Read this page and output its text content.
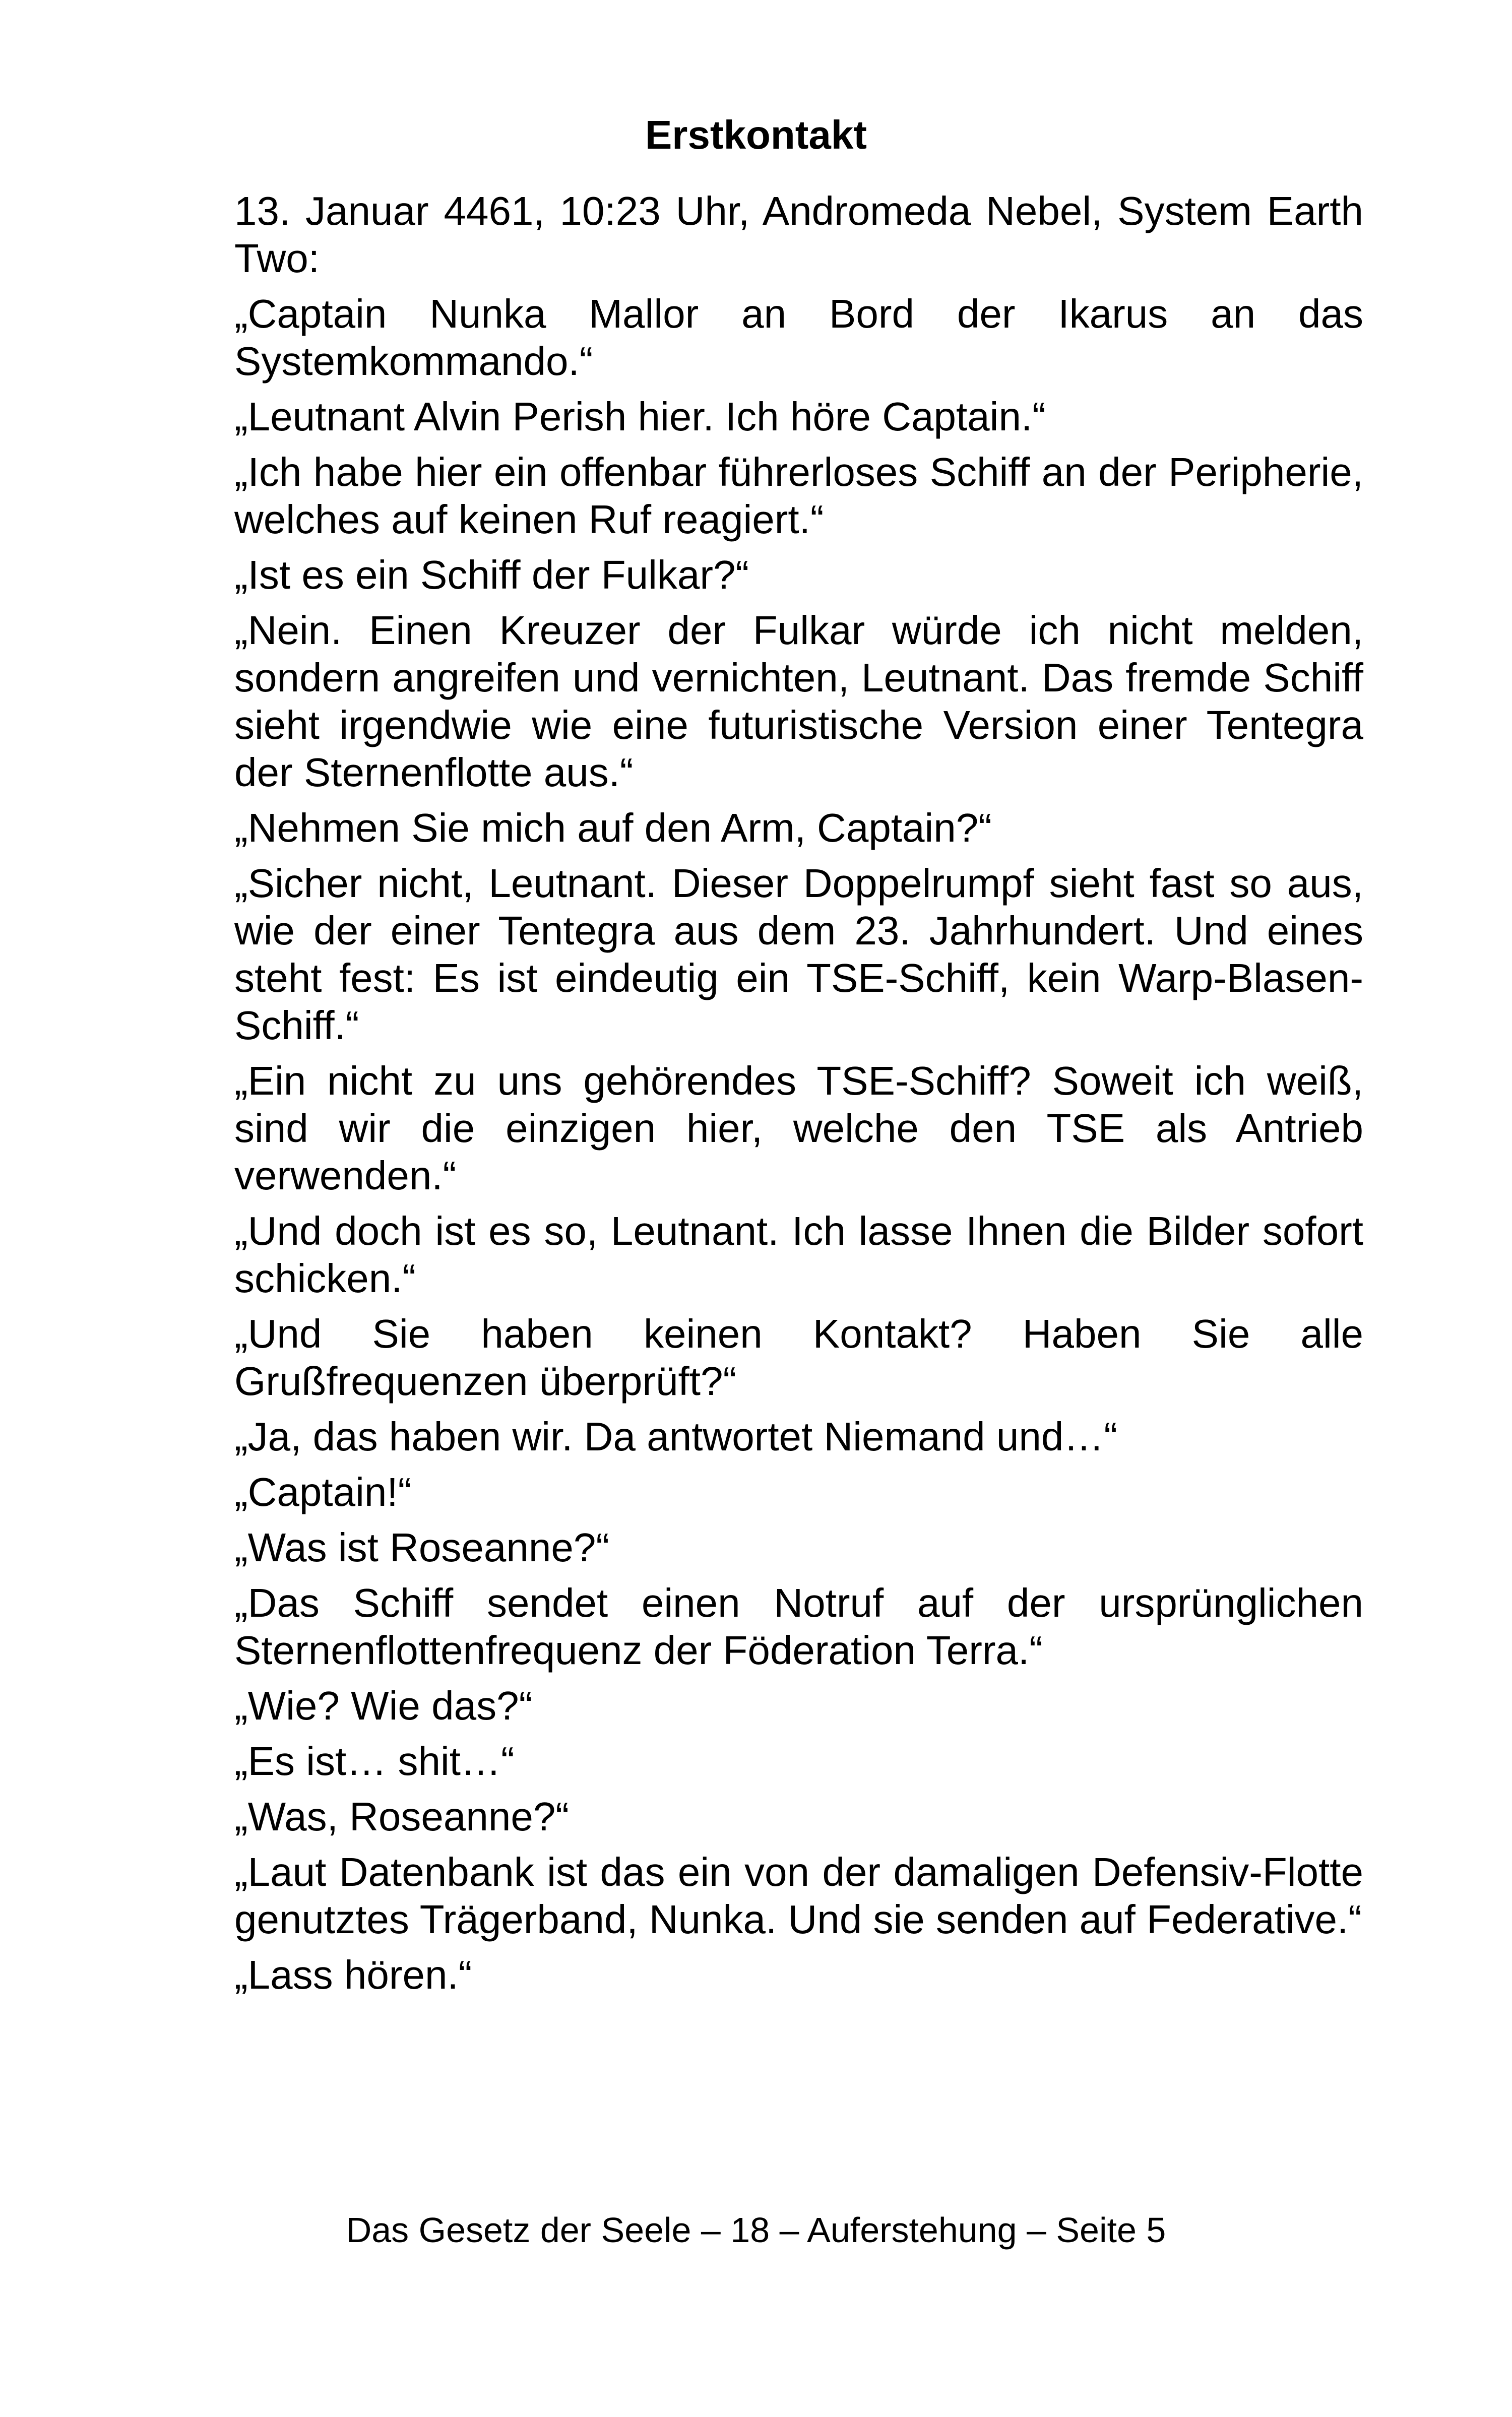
Erstkontakt

13. Januar 4461, 10:23 Uhr, Andromeda Nebel, System Earth Two:

„Captain Nunka Mallor an Bord der Ikarus an das Systemkommando.“

„Leutnant Alvin Perish hier. Ich höre Captain.“

„Ich habe hier ein offenbar führerloses Schiff an der Peripherie, welches auf keinen Ruf reagiert.“

„Ist es ein Schiff der Fulkar?“

„Nein. Einen Kreuzer der Fulkar würde ich nicht melden, sondern angreifen und vernichten, Leutnant. Das fremde Schiff sieht irgendwie wie eine futuristische Version einer Tentegra der Sternenflotte aus.“

„Nehmen Sie mich auf den Arm, Captain?“

„Sicher nicht, Leutnant. Dieser Doppelrumpf sieht fast so aus, wie der einer Tentegra aus dem 23. Jahrhundert. Und eines steht fest: Es ist eindeutig ein TSE-Schiff, kein Warp-Blasen-Schiff.“

„Ein nicht zu uns gehörendes TSE-Schiff? Soweit ich weiß, sind wir die einzigen hier, welche den TSE als Antrieb verwenden.“

„Und doch ist es so, Leutnant. Ich lasse Ihnen die Bilder sofort schicken.“

„Und Sie haben keinen Kontakt? Haben Sie alle Grußfrequenzen überprüft?“

„Ja, das haben wir. Da antwortet Niemand und…“

„Captain!“

„Was ist Roseanne?“

„Das Schiff sendet einen Notruf auf der ursprünglichen Sternenflottenfrequenz der Föderation Terra.“

„Wie? Wie das?“

„Es ist… shit…“

„Was, Roseanne?“

„Laut Datenbank ist das ein von der damaligen Defensiv-Flotte genutztes Trägerband, Nunka. Und sie senden auf Federative.“

„Lass hören.“

Das Gesetz der Seele – 18 – Auferstehung – Seite 5
